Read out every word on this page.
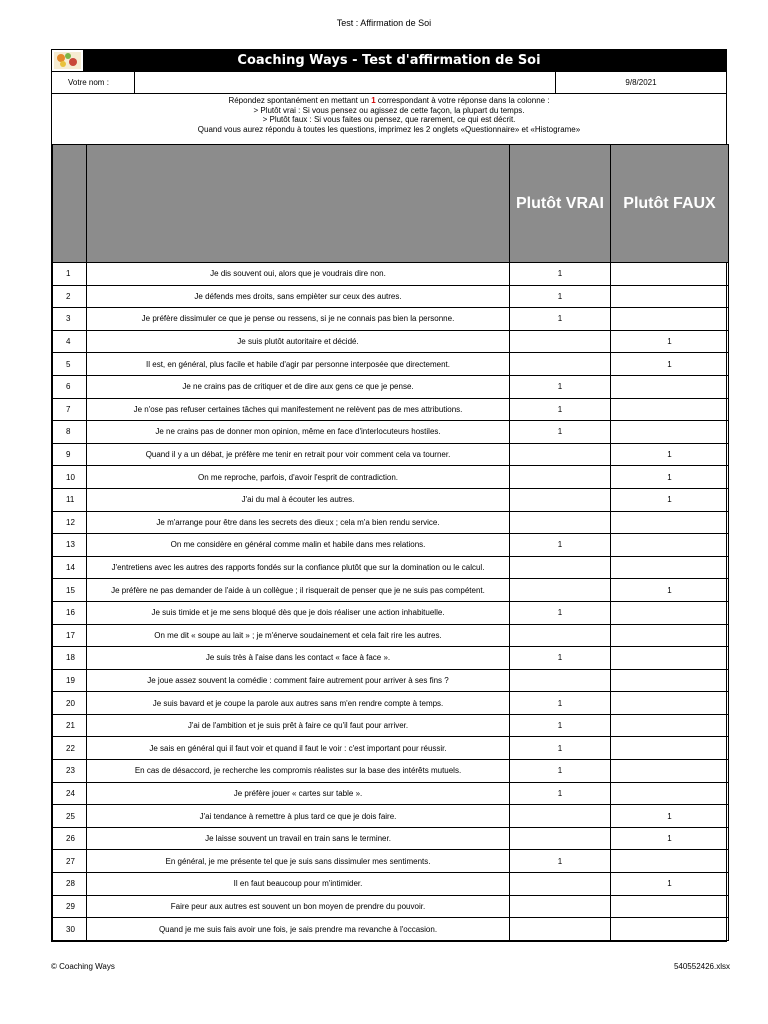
Test : Affirmation de Soi
Coaching Ways - Test d'affirmation de Soi
Votre nom :	9/8/2021
Répondez spontanément en mettant un 1 correspondant à votre réponse dans la colonne :
> Plutôt vrai : Si vous pensez ou agissez de cette façon, la plupart du temps.
> Plutôt faux : Si vous faites ou pensez, que rarement, ce qui est décrit.
Quand vous aurez répondu à toutes les questions, imprimez les 2 onglets «Questionnaire» et «Histograme»
		Plutôt VRAI	Plutôt FAUX
1	Je dis souvent oui, alors que je voudrais dire non.	1	
2	Je défends mes droits, sans empièter sur ceux des autres.	1	
3	Je préfère dissimuler ce que je pense ou ressens, si je ne connais pas bien la personne.	1	
4	Je suis plutôt autoritaire et décidé.		1
5	Il est, en général, plus facile et habile d'agir par personne interposée que directement.		1
6	Je ne crains pas de critiquer et de dire aux gens ce que je pense.	1	
7	Je n'ose pas refuser certaines tâches qui manifestement ne relèvent pas de mes attributions.	1	
8	Je ne crains pas de donner mon opinion, même en face d'interlocuteurs hostiles.	1	
9	Quand il y a un débat, je préfère me tenir en retrait pour voir comment cela va tourner.		1
10	On me reproche, parfois, d'avoir l'esprit de contradiction.		1
11	J'ai du mal à écouter les autres.		1
12	Je m'arrange pour être dans les secrets des dieux ; cela m'a bien rendu service.		
13	On me considère en général comme malin et habile dans mes relations.	1	
14	J'entretiens avec les autres des rapports fondés sur la confiance plutôt que sur la domination ou le calcul.		
15	Je préfère ne pas demander de l'aide à un collègue ; il risquerait de penser que je ne suis pas compétent.		1
16	Je suis timide et je me sens bloqué dès que je dois réaliser une action inhabituelle.	1	
17	On me dit « soupe au lait » ; je m'énerve soudainement et cela fait rire les autres.		
18	Je suis très à l'aise dans les contact « face à face ».	1	
19	Je joue assez souvent la comédie : comment faire autrement pour arriver à ses fins ?		
20	Je suis bavard et je coupe la parole aux autres sans m'en rendre compte à temps.	1	
21	J'ai de l'ambition et je suis prêt à faire ce qu'il faut pour arriver.	1	
22	Je sais en général qui il faut voir et quand il faut le voir : c'est important pour réussir.	1	
23	En cas de désaccord, je recherche les compromis réalistes sur la base des intérêts mutuels.	1	
24	Je préfère jouer « cartes sur table ».	1	
25	J'ai tendance à remettre à plus tard ce que je dois faire.		1
26	Je laisse souvent un travail en train sans le terminer.		1
27	En général, je me présente tel que je suis sans dissimuler mes sentiments.	1	
28	Il en faut beaucoup pour m'intimider.		1
29	Faire peur aux autres est souvent un bon moyen de prendre du pouvoir.		
30	Quand je me suis fais avoir une fois, je sais prendre ma revanche à l'occasion.		
© Coaching Ways	540552426.xlsx
